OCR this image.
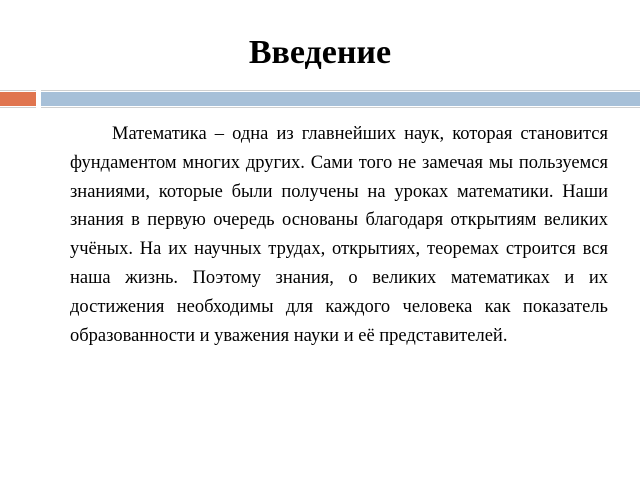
Введение

Математика – одна из главнейших наук, которая становится фундаментом многих других. Сами того не замечая мы пользуемся знаниями, которые были получены на уроках математики. Наши знания в первую очередь основаны благодаря открытиям великих учёных. На их научных трудах, открытиях, теоремах строится вся наша жизнь. Поэтому знания, о великих математиках и их достижения необходимы для каждого человека как показатель образованности и уважения науки и её представителей.
